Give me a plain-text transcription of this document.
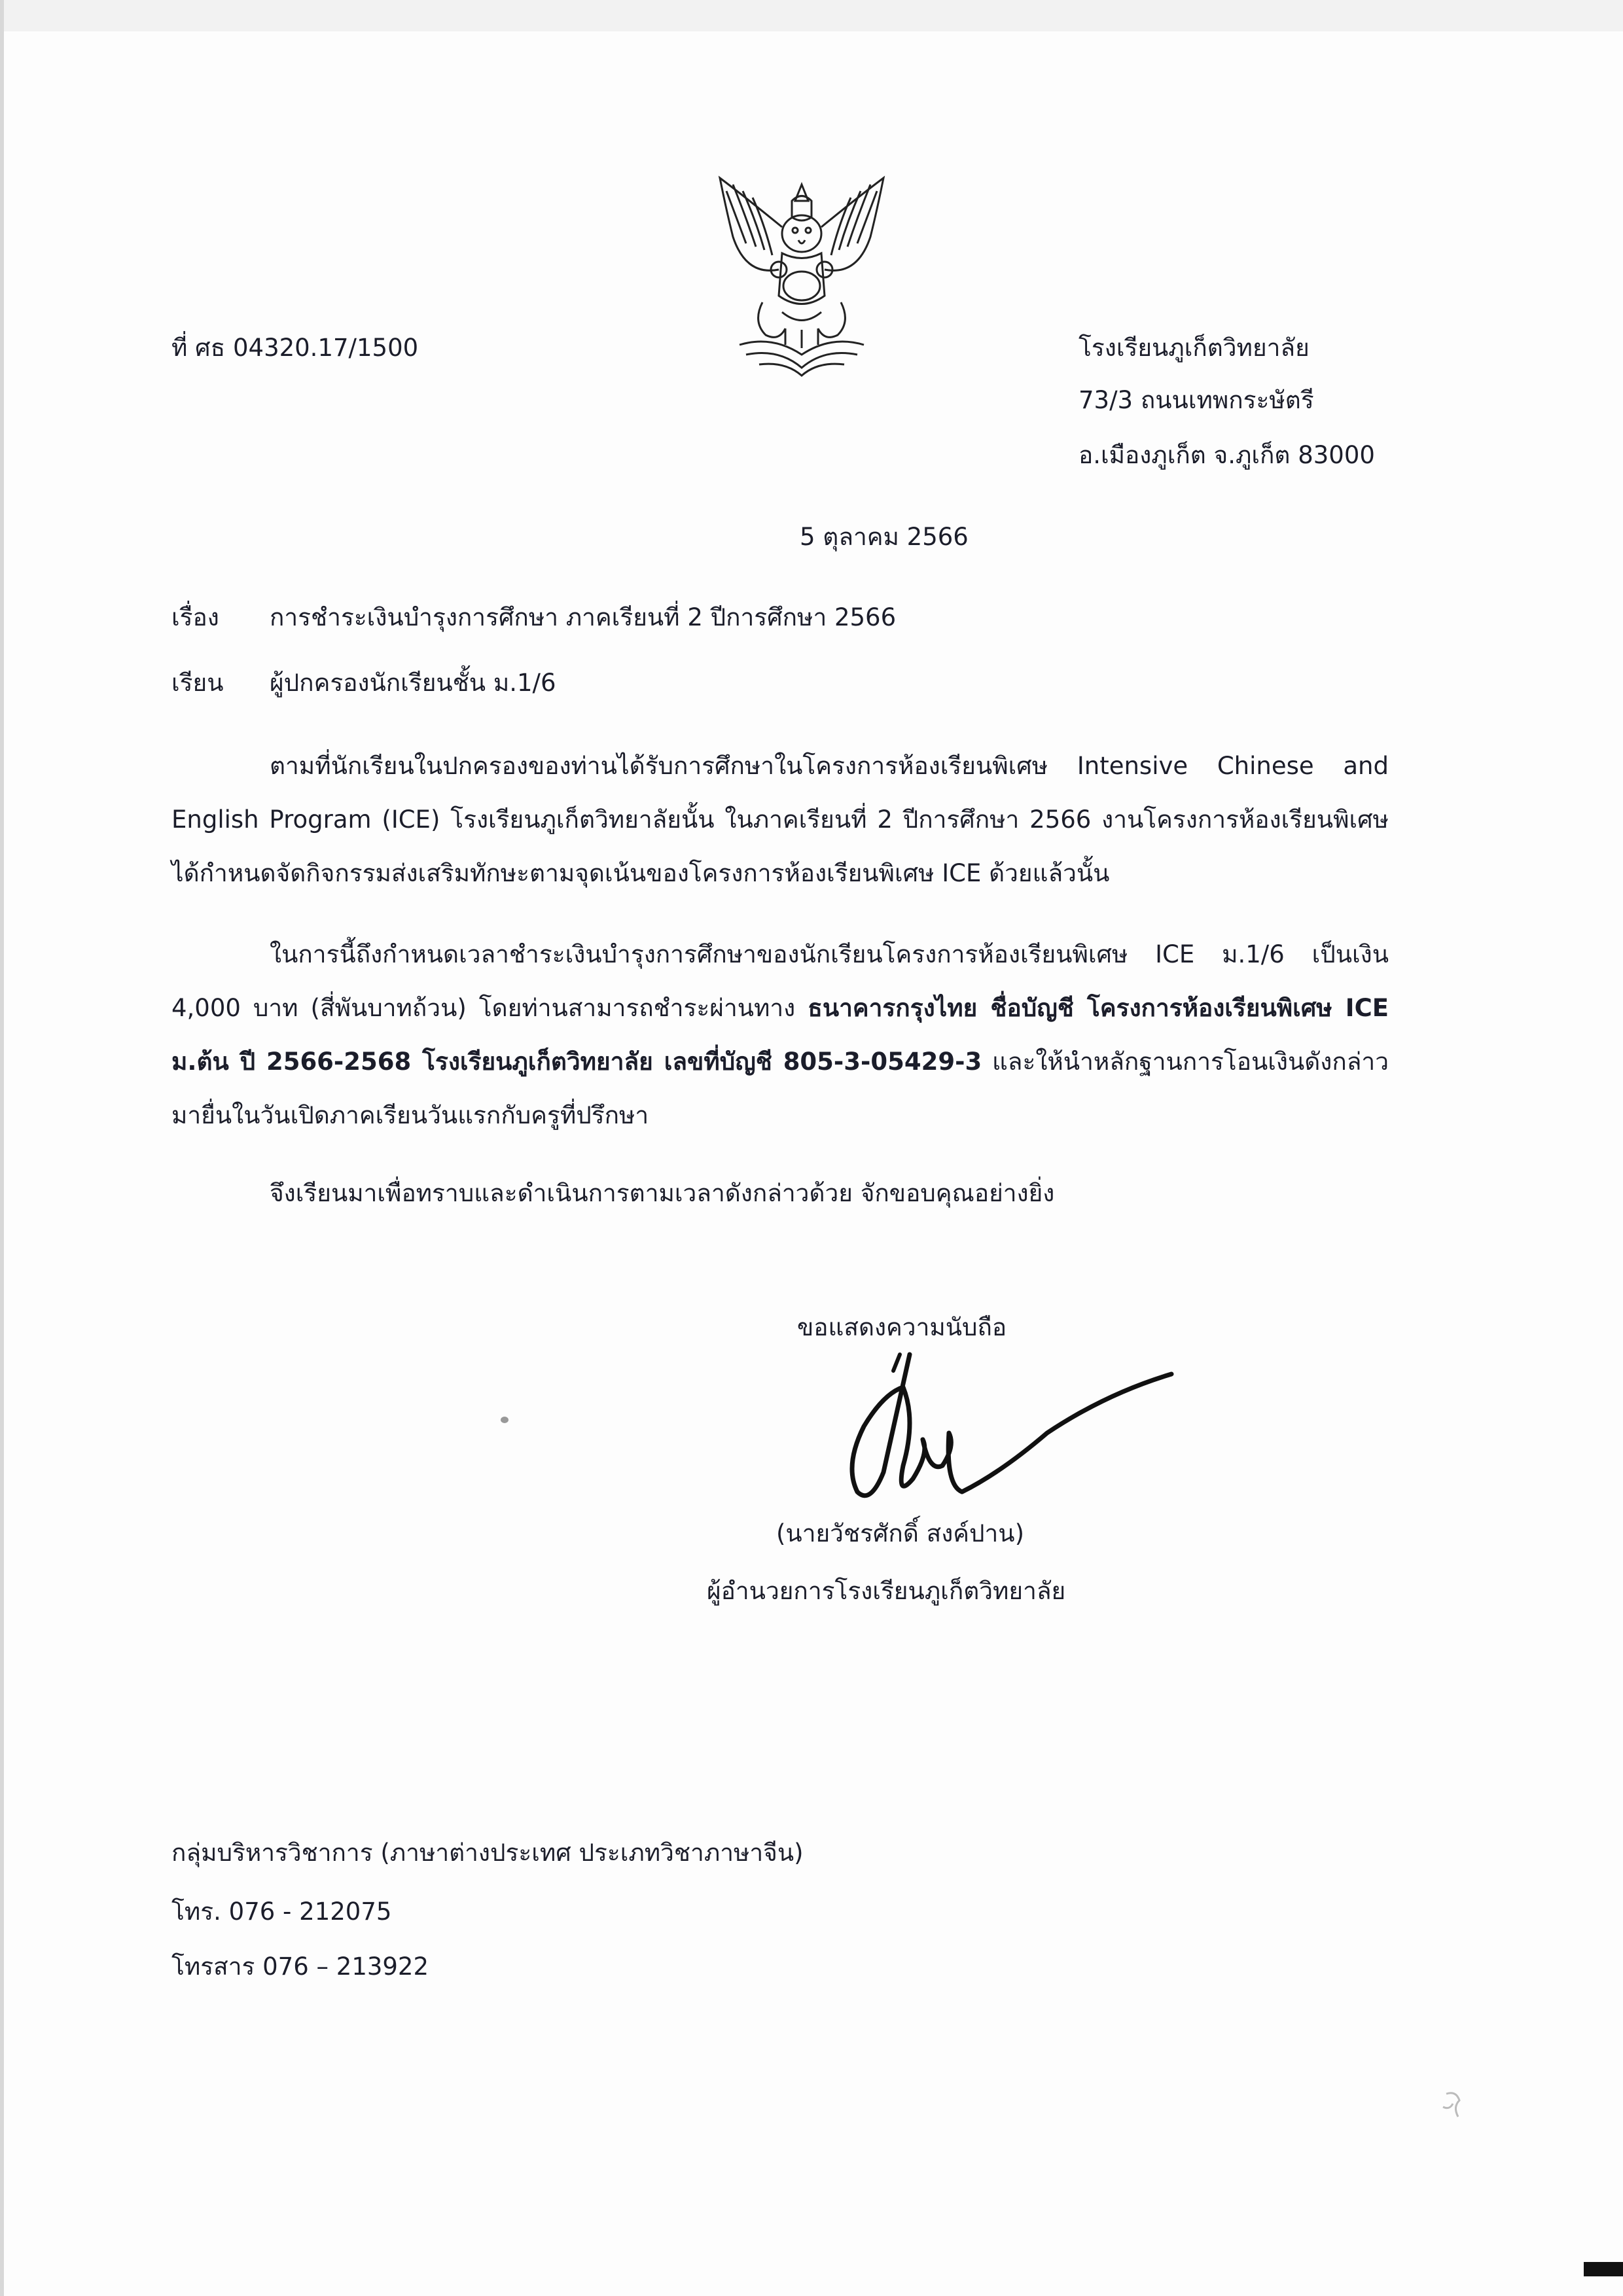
ที่ ศธ 04320.17/1500	โรงเรียนภูเก็ตวิทยาลัย
73/3 ถนนเทพกระษัตรี
อ.เมืองภูเก็ต จ.ภูเก็ต 83000
5 ตุลาคม 2566
เรื่อง การชำระเงินบำรุงการศึกษา ภาคเรียนที่ 2 ปีการศึกษา 2566
เรียน ผู้ปกครองนักเรียนชั้น ม.1/6
ตามที่นักเรียนในปกครองของท่านได้รับการศึกษาในโครงการห้องเรียนพิเศษ Intensive Chinese and English Program (ICE) โรงเรียนภูเก็ตวิทยาลัยนั้น ในภาคเรียนที่ 2 ปีการศึกษา 2566 งานโครงการห้องเรียนพิเศษได้กำหนดจัดกิจกรรมส่งเสริมทักษะตามจุดเน้นของโครงการห้องเรียนพิเศษ ICE ด้วยแล้วนั้น
ในการนี้ถึงกำหนดเวลาชำระเงินบำรุงการศึกษาของนักเรียนโครงการห้องเรียนพิเศษ ICE ม.1/6 เป็นเงิน 4,000 บาท (สี่พันบาทถ้วน) โดยท่านสามารถชำระผ่านทาง ธนาคารกรุงไทย ชื่อบัญชี โครงการห้องเรียนพิเศษ ICE ม.ต้น ปี 2566-2568 โรงเรียนภูเก็ตวิทยาลัย เลขที่บัญชี 805-3-05429-3 และให้นำหลักฐานการโอนเงินดังกล่าวมายื่นในวันเปิดภาคเรียนวันแรกกับครูที่ปรึกษา
จึงเรียนมาเพื่อทราบและดำเนินการตามเวลาดังกล่าวด้วย จักขอบคุณอย่างยิ่ง
ขอแสดงความนับถือ
(นายวัชรศักดิ์ สงค์ปาน)
ผู้อำนวยการโรงเรียนภูเก็ตวิทยาลัย
กลุ่มบริหารวิชาการ (ภาษาต่างประเทศ ประเภทวิชาภาษาจีน)
โทร. 076 - 212075
โทรสาร 076 – 213922
